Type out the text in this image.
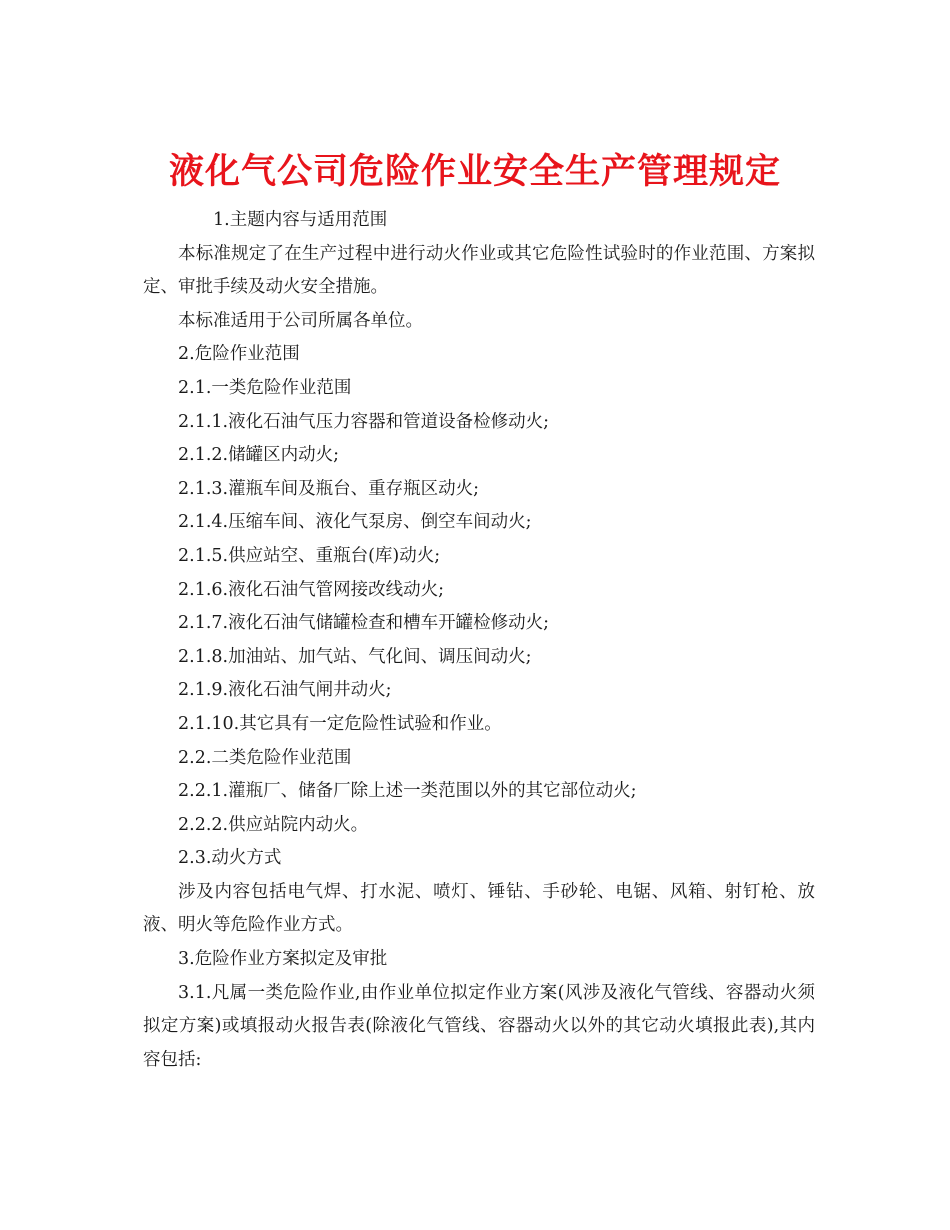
液化气公司危险作业安全生产管理规定

1.主题内容与适用范围

本标准规定了在生产过程中进行动火作业或其它危险性试验时的作业范围、方案拟定、审批手续及动火安全措施。

本标准适用于公司所属各单位。

2.危险作业范围

2.1.一类危险作业范围

2.1.1.液化石油气压力容器和管道设备检修动火;

2.1.2.储罐区内动火;

2.1.3.灌瓶车间及瓶台、重存瓶区动火;

2.1.4.压缩车间、液化气泵房、倒空车间动火;

2.1.5.供应站空、重瓶台(库)动火;

2.1.6.液化石油气管网接改线动火;

2.1.7.液化石油气储罐检查和槽车开罐检修动火;

2.1.8.加油站、加气站、气化间、调压间动火;

2.1.9.液化石油气闸井动火;

2.1.10.其它具有一定危险性试验和作业。

2.2.二类危险作业范围

2.2.1.灌瓶厂、储备厂除上述一类范围以外的其它部位动火;

2.2.2.供应站院内动火。

2.3.动火方式

涉及内容包括电气焊、打水泥、喷灯、锤钻、手砂轮、电锯、风箱、射钉枪、放液、明火等危险作业方式。

3.危险作业方案拟定及审批

3.1.凡属一类危险作业,由作业单位拟定作业方案(风涉及液化气管线、容器动火须拟定方案)或填报动火报告表(除液化气管线、容器动火以外的其它动火填报此表),其内容包括:
